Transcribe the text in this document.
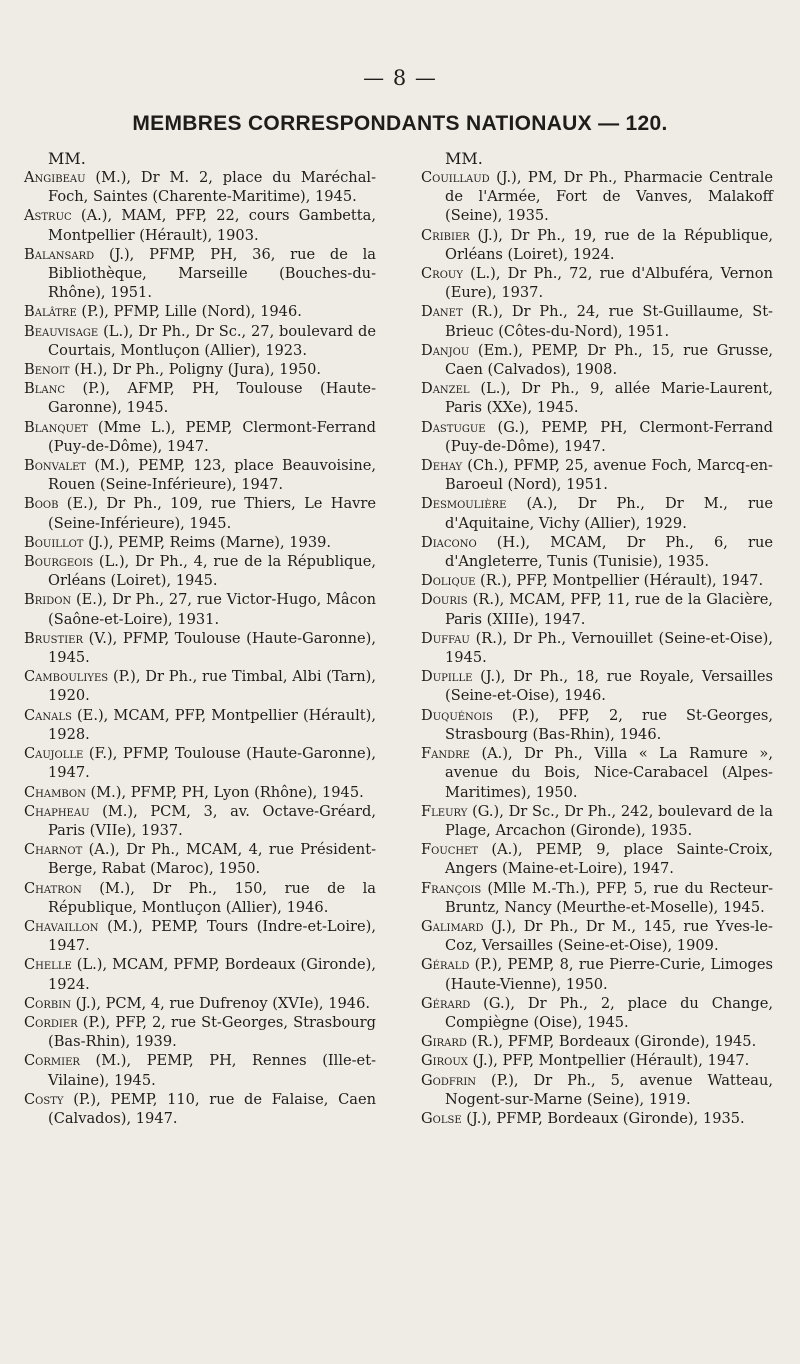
— 8 —
MEMBRES CORRESPONDANTS NATIONAUX — 120.
MM.

Angibeau (M.), Dr M. 2, place du Maréchal-Foch, Saintes (Charente-Maritime), 1945.

Astruc (A.), MAM, PFP, 22, cours Gambetta, Montpellier (Hérault), 1903.

Balansard (J.), PFMP, PH, 36, rue de la Bibliothèque, Marseille (Bouches-du-Rhône), 1951.

Balâtre (P.), PFMP, Lille (Nord), 1946.

Beauvisage (L.), Dr Ph., Dr Sc., 27, boulevard de Courtais, Montluçon (Allier), 1923.

Benoit (H.), Dr Ph., Poligny (Jura), 1950.

Blanc (P.), AFMP, PH, Toulouse (Haute-Garonne), 1945.

Blanquet (Mme L.), PEMP, Clermont-Ferrand (Puy-de-Dôme), 1947.

Bonvalet (M.), PEMP, 123, place Beauvoisine, Rouen (Seine-Inférieure), 1947.

Boob (E.), Dr Ph., 109, rue Thiers, Le Havre (Seine-Inférieure), 1945.

Bouillot (J.), PEMP, Reims (Marne), 1939.

Bourgeois (L.), Dr Ph., 4, rue de la République, Orléans (Loiret), 1945.

Bridon (E.), Dr Ph., 27, rue Victor-Hugo, Mâcon (Saône-et-Loire), 1931.

Brustier (V.), PFMP, Toulouse (Haute-Garonne), 1945.

Cambouliyes (P.), Dr Ph., rue Timbal, Albi (Tarn), 1920.

Canals (E.), MCAM, PFP, Montpellier (Hérault), 1928.

Caujolle (F.), PFMP, Toulouse (Haute-Garonne), 1947.

Chambon (M.), PFMP, PH, Lyon (Rhône), 1945.

Chapheau (M.), PCM, 3, av. Octave-Gréard, Paris (VIIe), 1937.

Charnot (A.), Dr Ph., MCAM, 4, rue Président-Berge, Rabat (Maroc), 1950.

Chatron (M.), Dr Ph., 150, rue de la République, Montluçon (Allier), 1946.

Chavaillon (M.), PEMP, Tours (Indre-et-Loire), 1947.

Chelle (L.), MCAM, PFMP, Bordeaux (Gironde), 1924.

Corbin (J.), PCM, 4, rue Dufrenoy (XVIe), 1946.

Cordier (P.), PFP, 2, rue St-Georges, Strasbourg (Bas-Rhin), 1939.

Cormier (M.), PEMP, PH, Rennes (Ille-et-Vilaine), 1945.

Costy (P.), PEMP, 110, rue de Falaise, Caen (Calvados), 1947.

MM.

Couillaud (J.), PM, Dr Ph., Pharmacie Centrale de l'Armée, Fort de Vanves, Malakoff (Seine), 1935.

Cribier (J.), Dr Ph., 19, rue de la République, Orléans (Loiret), 1924.

Crouy (L.), Dr Ph., 72, rue d'Albuféra, Vernon (Eure), 1937.

Danet (R.), Dr Ph., 24, rue St-Guillaume, St-Brieuc (Côtes-du-Nord), 1951.

Danjou (Em.), PEMP, Dr Ph., 15, rue Grusse, Caen (Calvados), 1908.

Danzel (L.), Dr Ph., 9, allée Marie-Laurent, Paris (XXe), 1945.

Dastugue (G.), PEMP, PH, Clermont-Ferrand (Puy-de-Dôme), 1947.

Dehay (Ch.), PFMP, 25, avenue Foch, Marcq-en-Baroeul (Nord), 1951.

Desmoulière (A.), Dr Ph., Dr M., rue d'Aquitaine, Vichy (Allier), 1929.

Diacono (H.), MCAM, Dr Ph., 6, rue d'Angleterre, Tunis (Tunisie), 1935.

Dolique (R.), PFP, Montpellier (Hérault), 1947.

Douris (R.), MCAM, PFP, 11, rue de la Glacière, Paris (XIIIe), 1947.

Duffau (R.), Dr Ph., Vernouillet (Seine-et-Oise), 1945.

Dupille (J.), Dr Ph., 18, rue Royale, Versailles (Seine-et-Oise), 1946.

Duquénois (P.), PFP, 2, rue St-Georges, Strasbourg (Bas-Rhin), 1946.

Fandre (A.), Dr Ph., Villa « La Ramure », avenue du Bois, Nice-Carabacel (Alpes-Maritimes), 1950.

Fleury (G.), Dr Sc., Dr Ph., 242, boulevard de la Plage, Arcachon (Gironde), 1935.

Fouchet (A.), PEMP, 9, place Sainte-Croix, Angers (Maine-et-Loire), 1947.

François (Mlle M.-Th.), PFP, 5, rue du Recteur-Bruntz, Nancy (Meurthe-et-Moselle), 1945.

Galimard (J.), Dr Ph., Dr M., 145, rue Yves-le-Coz, Versailles (Seine-et-Oise), 1909.

Gérald (P.), PEMP, 8, rue Pierre-Curie, Limoges (Haute-Vienne), 1950.

Gérard (G.), Dr Ph., 2, place du Change, Compiègne (Oise), 1945.

Girard (R.), PFMP, Bordeaux (Gironde), 1945.

Giroux (J.), PFP, Montpellier (Hérault), 1947.

Godfrin (P.), Dr Ph., 5, avenue Watteau, Nogent-sur-Marne (Seine), 1919.

Golse (J.), PFMP, Bordeaux (Gironde), 1935.
